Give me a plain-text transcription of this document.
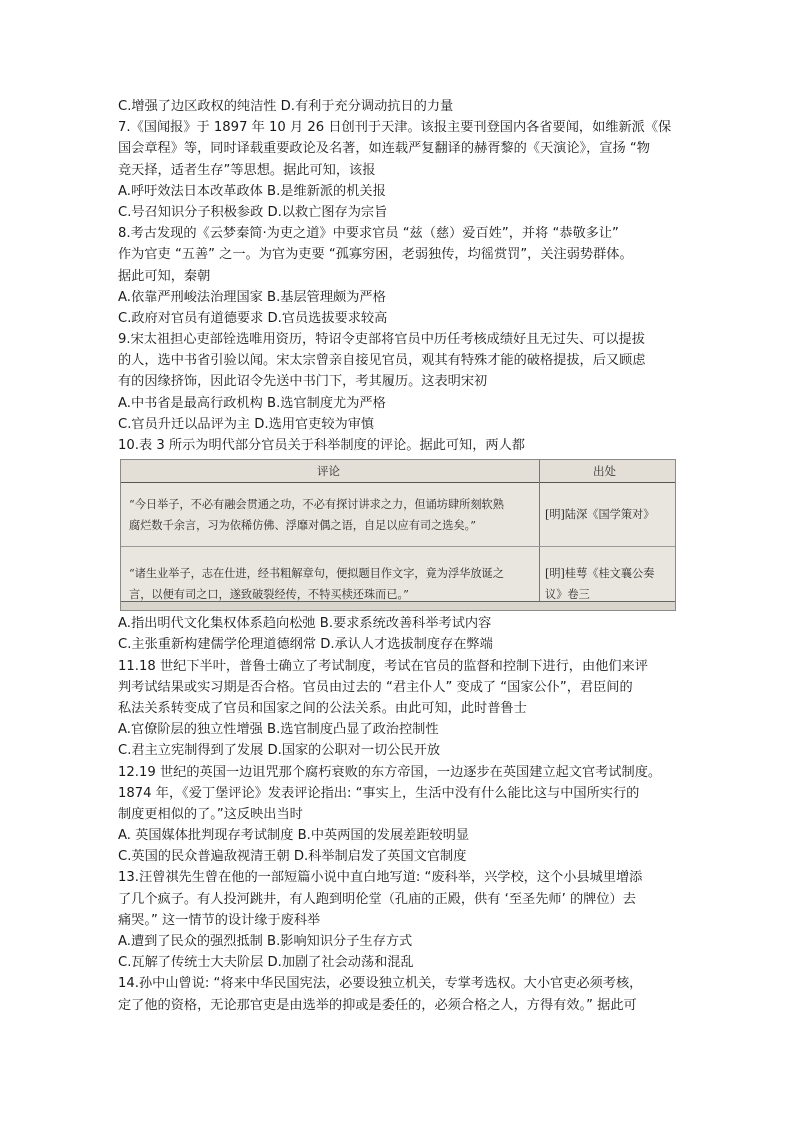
C.增强了边区政权的纯洁性 D.有利于充分调动抗日的力量
7.《国闻报》于 1897 年 10 月 26 日创刊于天津。该报主要刊登国内各省要闻，如维新派《保
国会章程》等，同时译载重要政论及名著，如连载严复翻译的赫胥黎的《天演论》，宣扬 “物
竞天择，适者生存”等思想。据此可知，该报
A.呼吁效法日本改革政体 B.是维新派的机关报
C.号召知识分子积极参政 D.以救亡图存为宗旨
8.考古发现的《云梦秦简·为吏之道》中要求官员 “兹（慈）爱百姓”，并将 “恭敬多让”
作为官吏 “五善” 之一。为官为吏要 “孤寡穷困，老弱独传，均徭赏罚”，关注弱势群体。
据此可知，秦朝
A.依靠严刑峻法治理国家 B.基层管理颇为严格
C.政府对官员有道德要求 D.官员选拔要求较高
9.宋太祖担心吏部铨选唯用资历，特诏令吏部将官员中历任考核成绩好且无过失、可以提拔
的人，选中书省引验以闻。宋太宗曾亲自接见官员，观其有特殊才能的破格提拔，后又顾虑
有的因缘挤饰，因此诏令先送中书门下，考其履历。这表明宋初
A.中书省是最高行政机构 B.选官制度尤为严格
C.官员升迁以品评为主 D.选用官吏较为审慎
10.表 3 所示为明代部分官员关于科举制度的评论。据此可知，两人都
评论	出处
“今日举子，不必有融会贯通之功，不必有探讨讲求之力，但诵坊肆所刻软熟
腐烂数千余言，习为依稀仿佛、浮靡对偶之语，自足以应有司之选矣。”
[明]陆深《国学策对》
“诸生业举子，志在仕进，经书粗解章句，便拟题目作文字，竟为浮华放诞之
言，以便有司之口，遂致破裂经传，不特买椟还珠而已。”
[明]桂萼《桂文襄公奏
议》卷三
A.指出明代文化集权体系趋向松弛 B.要求系统改善科举考试内容
C.主张重新构建儒学伦理道德纲常 D.承认人才选拔制度存在弊端
11.18 世纪下半叶，普鲁士确立了考试制度，考试在官员的监督和控制下进行，由他们来评
判考试结果或实习期是否合格。官员由过去的 “君主仆人” 变成了 “国家公仆”，君臣间的
私法关系转变成了官员和国家之间的公法关系。由此可知，此时普鲁士
A.官僚阶层的独立性增强 B.选官制度凸显了政治控制性
C.君主立宪制得到了发展 D.国家的公职对一切公民开放
12.19 世纪的英国一边诅咒那个腐朽衰败的东方帝国，一边逐步在英国建立起文官考试制度。
1874 年，《爱丁堡评论》发表评论指出: “事实上，生活中没有什么能比这与中国所实行的
制度更相似的了。”这反映出当时
A. 英国媒体批判现存考试制度 B.中英两国的发展差距较明显
C.英国的民众普遍敌视清王朝 D.科举制启发了英国文官制度
13.汪曾祺先生曾在他的一部短篇小说中直白地写道: “废科举，兴学校，这个小县城里增添
了几个疯子。有人投河跳井，有人跑到明伦堂（孔庙的正殿，供有 ‘至圣先师’ 的牌位）去
痛哭。” 这一情节的设计缘于废科举
A.遭到了民众的强烈抵制 B.影响知识分子生存方式
C.瓦解了传统士大夫阶层 D.加剧了社会动荡和混乱
14.孙中山曾说: “将来中华民国宪法，必要设独立机关，专掌考选权。大小官吏必须考核，
定了他的资格，无论那官吏是由选举的抑或是委任的，必须合格之人，方得有效。” 据此可
